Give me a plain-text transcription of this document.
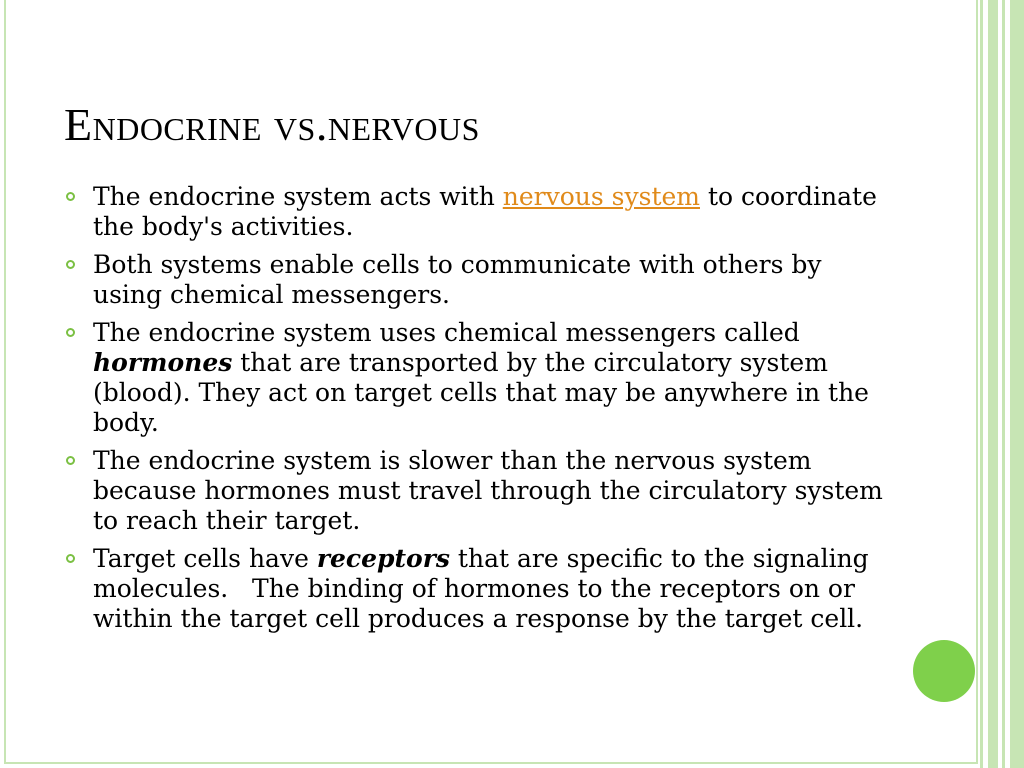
Endocrine vs.nervous
The endocrine system acts with nervous system to coordinate the body's activities.
Both systems enable cells to communicate with others by using chemical messengers.
The endocrine system uses chemical messengers called hormones that are transported by the circulatory system (blood). They act on target cells that may be anywhere in the body.
The endocrine system is slower than the nervous system because hormones must travel through the circulatory system to reach their target.
Target cells have receptors that are specific to the signaling molecules.   The binding of hormones to the receptors on or within the target cell produces a response by the target cell.
